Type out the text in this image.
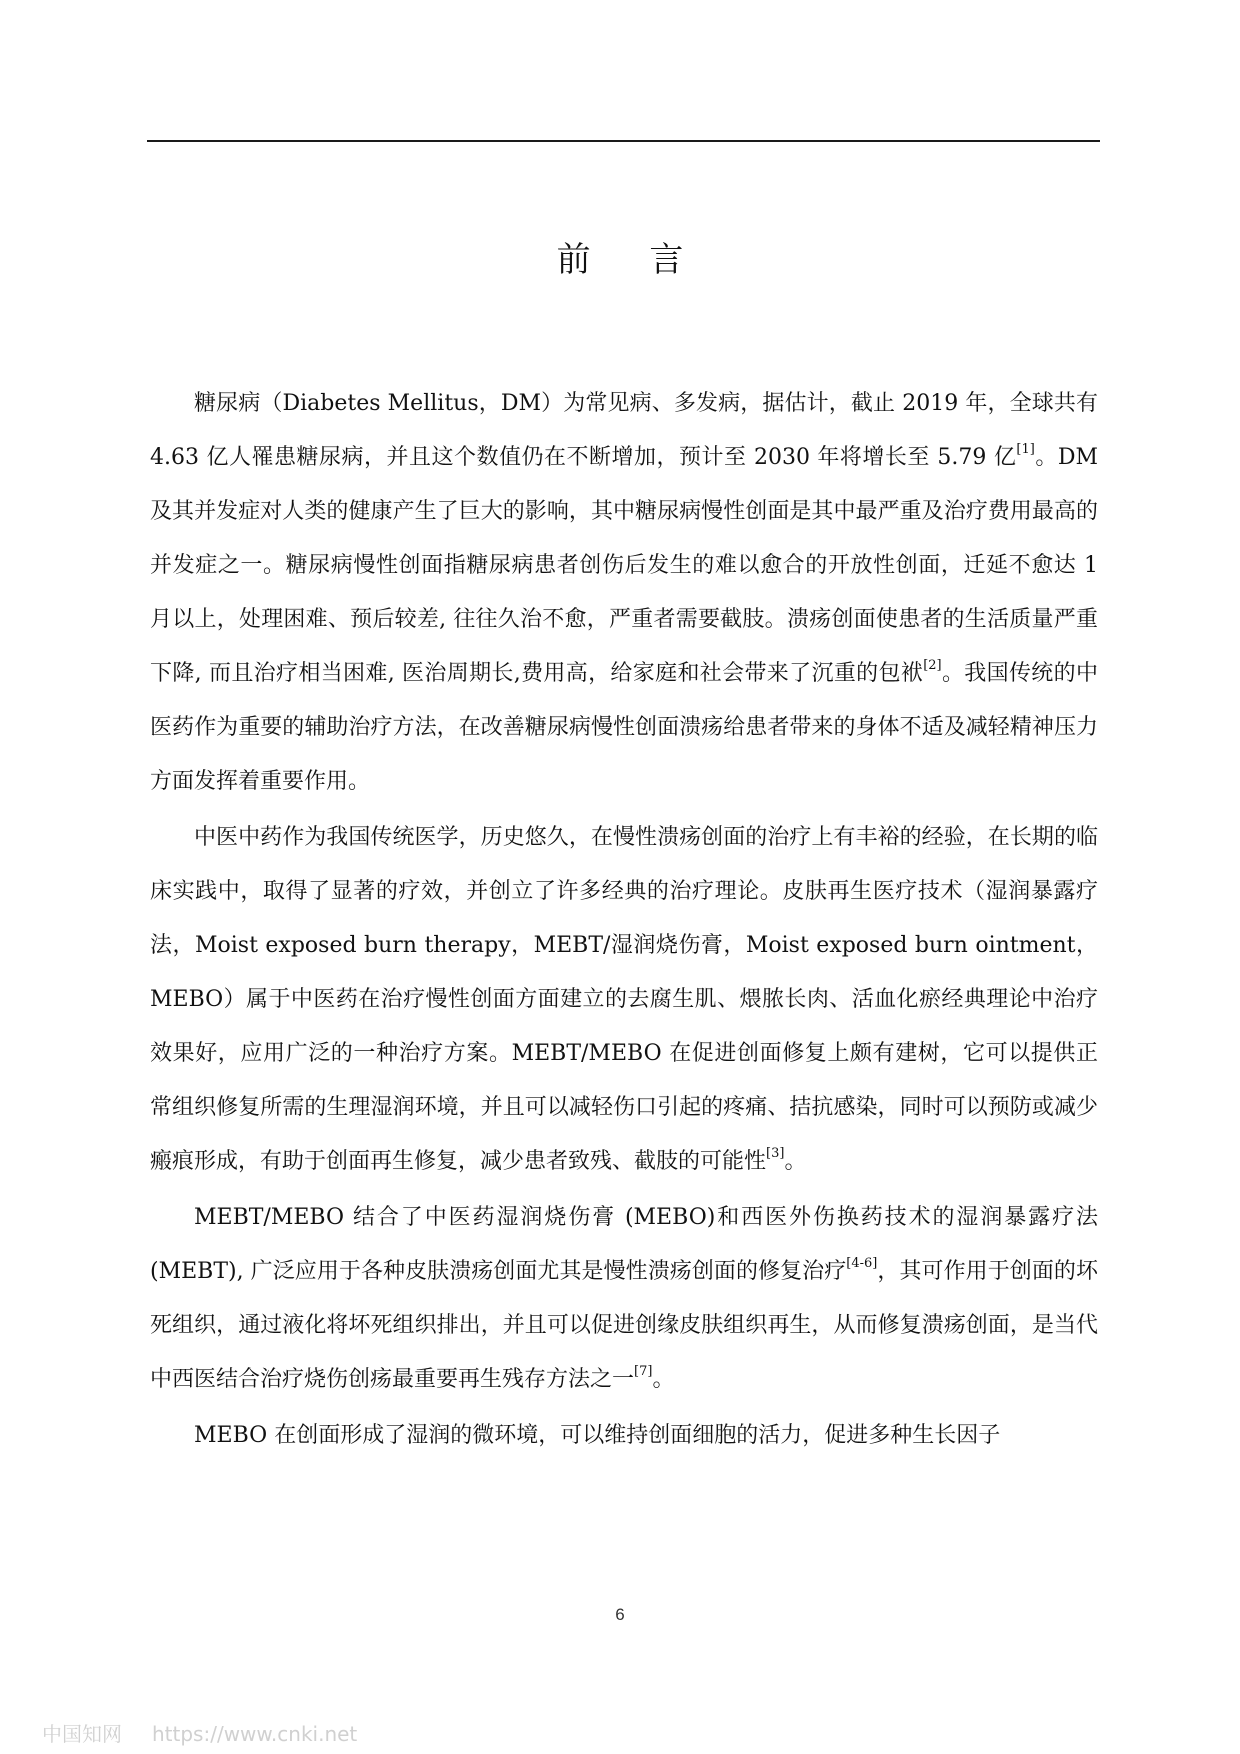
前 言

糖尿病（Diabetes Mellitus，DM）为常见病、多发病，据估计，截止 2019 年，全球共有 4.63 亿人罹患糖尿病，并且这个数值仍在不断增加，预计至 2030 年将增长至 5.79 亿[1]。DM 及其并发症对人类的健康产生了巨大的影响，其中糖尿病慢性创面是其中最严重及治疗费用最高的并发症之一。糖尿病慢性创面指糖尿病患者创伤后发生的难以愈合的开放性创面，迁延不愈达 1 月以上，处理困难、预后较差, 往往久治不愈，严重者需要截肢。溃疡创面使患者的生活质量严重下降, 而且治疗相当困难, 医治周期长,费用高，给家庭和社会带来了沉重的包袱[2]。我国传统的中医药作为重要的辅助治疗方法，在改善糖尿病慢性创面溃疡给患者带来的身体不适及减轻精神压力方面发挥着重要作用。

中医中药作为我国传统医学，历史悠久，在慢性溃疡创面的治疗上有丰裕的经验，在长期的临床实践中，取得了显著的疗效，并创立了许多经典的治疗理论。皮肤再生医疗技术（湿润暴露疗法，Moist exposed burn therapy，MEBT/湿润烧伤膏，Moist exposed burn ointment，MEBO）属于中医药在治疗慢性创面方面建立的去腐生肌、煨脓长肉、活血化瘀经典理论中治疗效果好，应用广泛的一种治疗方案。MEBT/MEBO 在促进创面修复上颇有建树，它可以提供正常组织修复所需的生理湿润环境，并且可以减轻伤口引起的疼痛、拮抗感染，同时可以预防或减少瘢痕形成，有助于创面再生修复，减少患者致残、截肢的可能性[3]。

MEBT/MEBO 结合了中医药湿润烧伤膏 (MEBO)和西医外伤换药技术的湿润暴露疗法 (MEBT), 广泛应用于各种皮肤溃疡创面尤其是慢性溃疡创面的修复治疗[4-6]，其可作用于创面的坏死组织，通过液化将坏死组织排出，并且可以促进创缘皮肤组织再生，从而修复溃疡创面，是当代中西医结合治疗烧伤创疡最重要再生残存方法之一[7]。

MEBO 在创面形成了湿润的微环境，可以维持创面细胞的活力，促进多种生长因子

6
中国知网 https://www.cnki.net
